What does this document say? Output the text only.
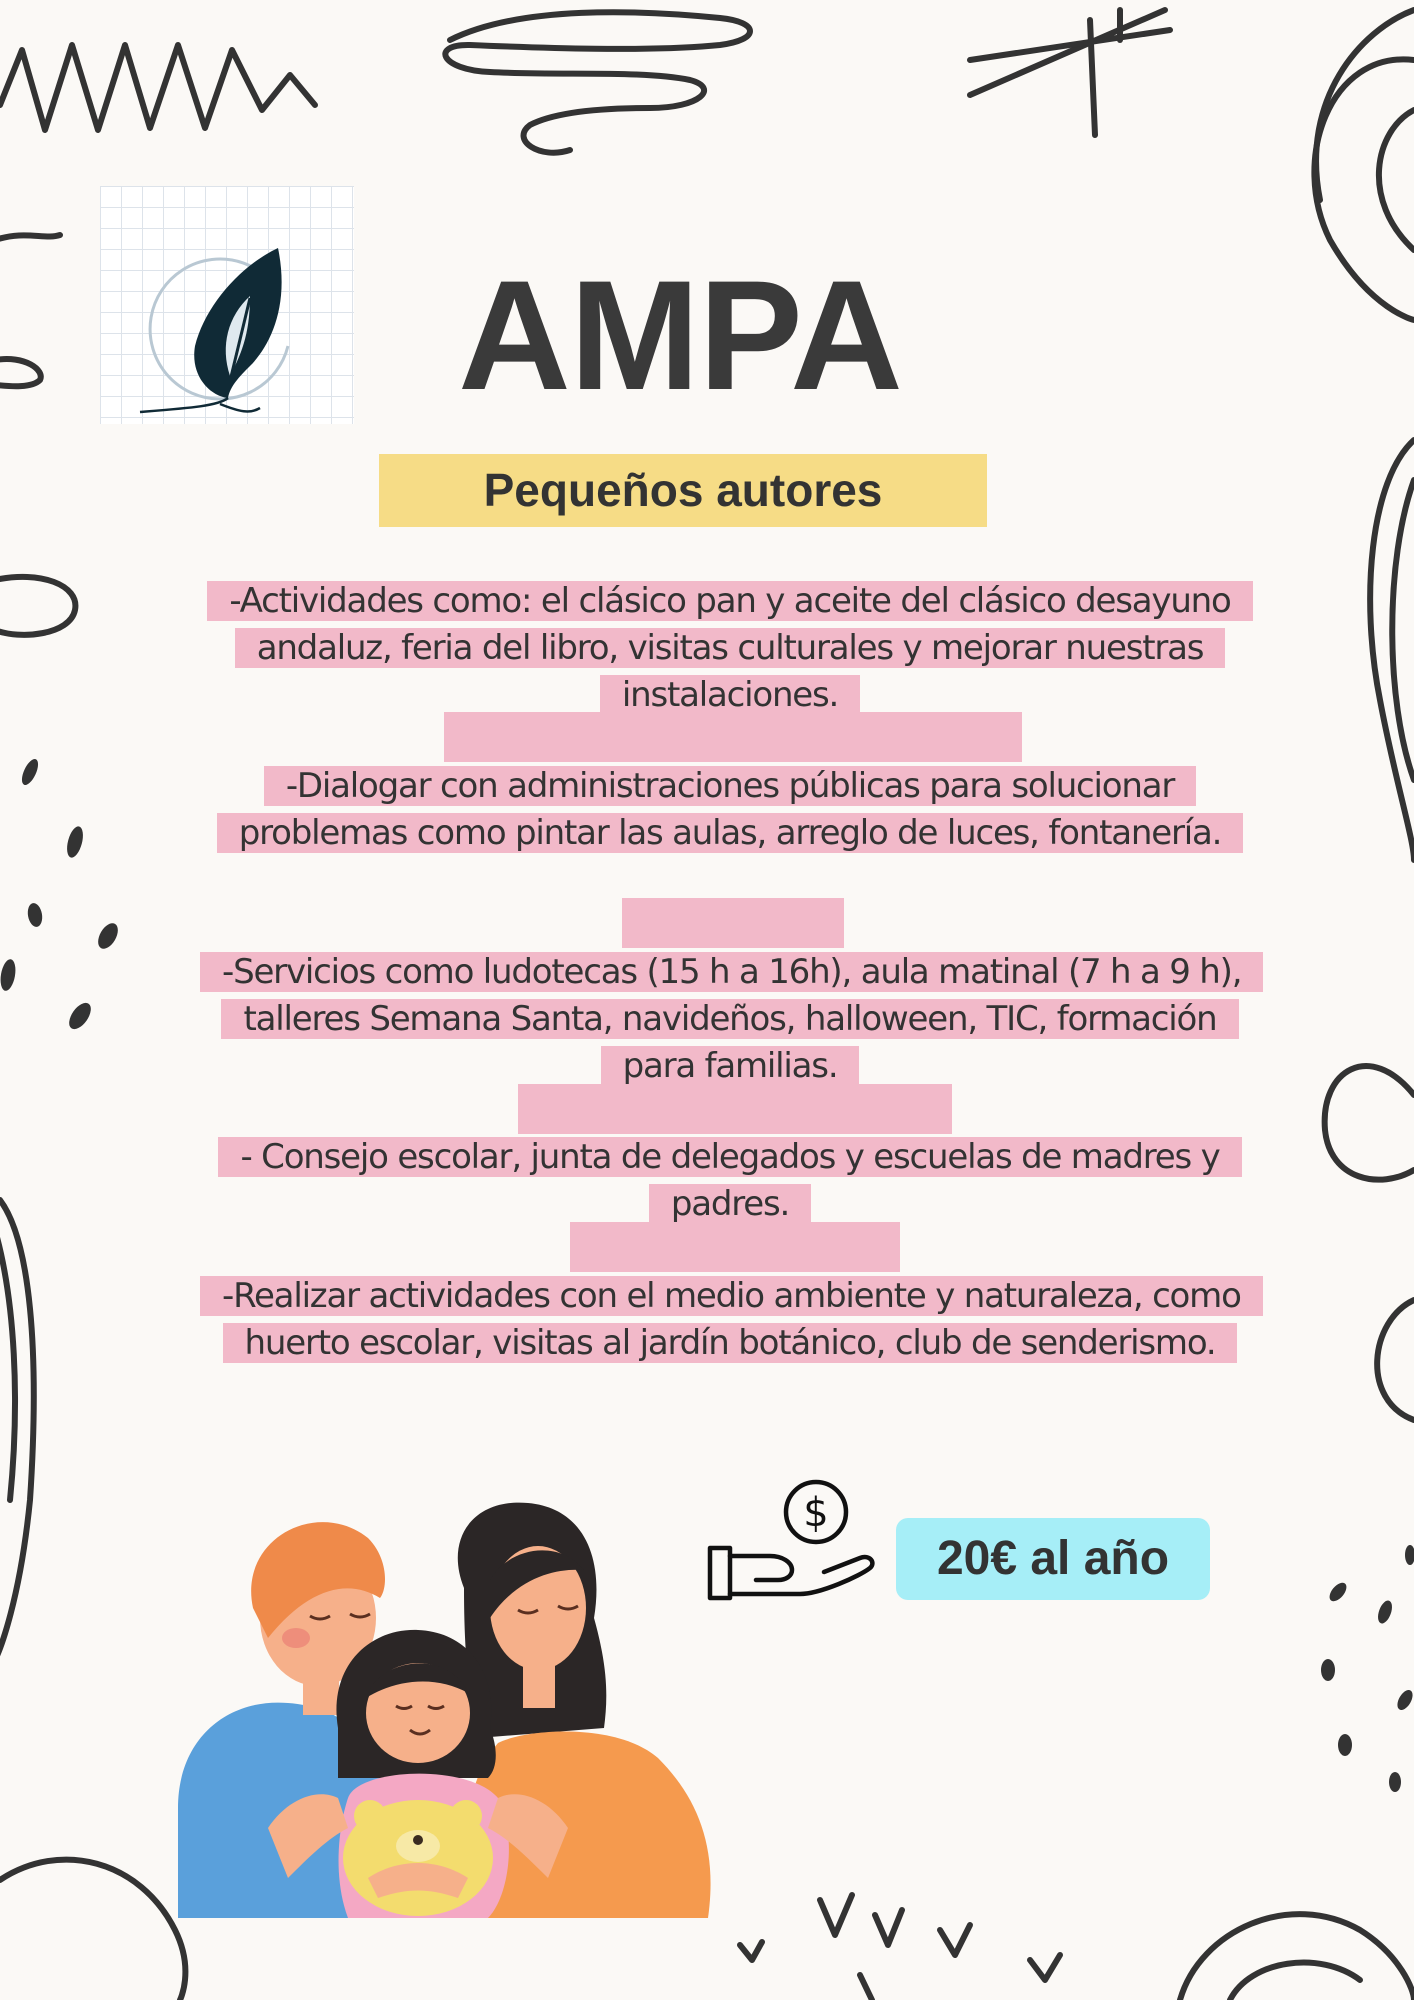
AMPA
Pequeños autores
-Actividades como: el clásico pan y aceite del clásico desayuno andaluz, feria del libro, visitas culturales y mejorar nuestras instalaciones.
-Dialogar con administraciones públicas para solucionar problemas como pintar las aulas, arreglo de luces, fontanería.
-Servicios como ludotecas (15 h a 16h), aula matinal (7 h a 9 h), talleres Semana Santa, navideños, halloween, TIC, formación para familias.
- Consejo escolar, junta de delegados y escuelas de madres y padres.
-Realizar actividades con el medio ambiente y naturaleza, como huerto escolar, visitas al jardín botánico, club de senderismo.
$
20€ al año
